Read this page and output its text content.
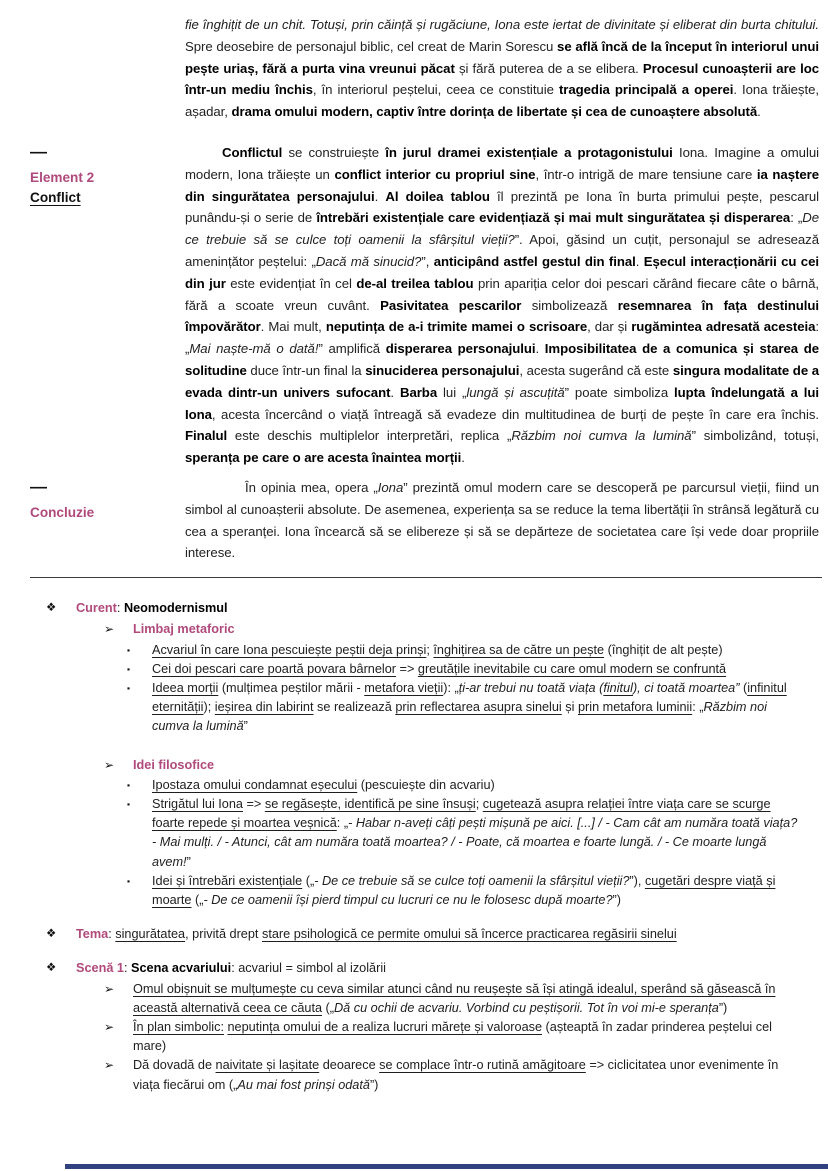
fie înghițit de un chit. Totuși, prin căință și rugăciune, Iona este iertat de divinitate și eliberat din burta chitului. Spre deosebire de personajul biblic, cel creat de Marin Sorescu se află încă de la început în interiorul unui pește uriaș, fără a purta vina vreunui păcat și fără puterea de a se elibera. Procesul cunoașterii are loc într-un mediu închis, în interiorul peștelui, ceea ce constituie tragedia principală a operei. Iona trăiește, așadar, drama omului modern, captiv între dorința de libertate și cea de cunoaștere absolută.
—
Element 2
Conflict
Conflictul se construiește în jurul dramei existențiale a protagonistului Iona. Imagine a omului modern, Iona trăiește un conflict interior cu propriul sine, într-o intrigă de mare tensiune care ia naștere din singurătatea personajului. Al doilea tablou îl prezintă pe Iona în burta primului pește, pescarul punându-și o serie de întrebări existențiale care evidențiază și mai mult singurătatea și disperarea: „De ce trebuie să se culce toți oamenii la sfârșitul vieții?”. Apoi, găsind un cuțit, personajul se adresează amenințător peștelui: „Dacă mă sinucid?”, anticipând astfel gestul din final. Eșecul interacționării cu cei din jur este evidențiat în cel de-al treilea tablou prin apariția celor doi pescari cărând fiecare câte o bârnă, fără a scoate vreun cuvânt. Pasivitatea pescarilor simbolizează resemnarea în fața destinului împovărător. Mai mult, neputința de a-i trimite mamei o scrisoare, dar și rugămintea adresată acesteia: „Mai naște-mă o dată!” amplifică disperarea personajului. Imposibilitatea de a comunica și starea de solitudine duce într-un final la sinuciderea personajului, acesta sugerând că este singura modalitate de a evada dintr-un univers sufocant. Barba lui „lungă și ascuțită” poate simboliza lupta îndelungată a lui Iona, acesta încercând o viață întreagă să evadeze din multitudinea de burți de pește în care era închis. Finalul este deschis multiplelor interpretări, replica „Răzbim noi cumva la lumină” simbolizând, totuși, speranța pe care o are acesta înaintea morții.
—
Concluzie
În opinia mea, opera „Iona” prezintă omul modern care se descoperă pe parcursul vieții, fiind un simbol al cunoașterii absolute. De asemenea, experiența sa se reduce la tema libertății în strânsă legătură cu cea a speranței. Iona încearcă să se elibereze și să se depărteze de societatea care își vede doar propriile interese.
❖	Curent: Neomodernismul
➢	Limbaj metaforic
▪	Acvariul în care Iona pescuiește peștii deja prinși; înghițirea sa de către un pește (înghițit de alt pește)
▪	Cei doi pescari care poartă povara bârnelor => greutățile inevitabile cu care omul modern se confruntă
▪	Ideea morții (mulțimea peștilor mării - metafora vieții): „ți-ar trebui nu toată viața (finitul), ci toată moartea” (infinitul eternității); ieșirea din labirint se realizează prin reflectarea asupra sinelui și prin metafora luminii: „Răzbim noi cumva la lumină”
➢	Idei filosofice
▪	Ipostaza omului condamnat eșecului (pescuiește din acvariu)
▪	Strigătul lui Iona => se regăsește, identifică pe sine însuși; cugetează asupra relației între viața care se scurge foarte repede și moartea veșnică: „- Habar n-aveți câți pești mișună pe aici. [...] / - Cam cât am număra toată viața? - Mai mulți. / - Atunci, cât am număra toată moartea? / - Poate, că moartea e foarte lungă. / - Ce moarte lungă avem!”
▪	Idei și întrebări existențiale („- De ce trebuie să se culce toți oamenii la sfârșitul vieții?”), cugetări despre viață și moarte („- De ce oamenii își pierd timpul cu lucruri ce nu le folosesc după moarte?”)
❖	Tema: singurătatea, privită drept stare psihologică ce permite omului să încerce practicarea regăsirii sinelui
❖	Scenă 1: Scena acvariului: acvariul = simbol al izolării
➢	Omul obișnuit se mulțumește cu ceva similar atunci când nu reușește să își atingă idealul, sperând să găsească în această alternativă ceea ce căuta („Dă cu ochii de acvariu. Vorbind cu peștișorii. Tot în voi mi-e speranța”)
➢	În plan simbolic: neputința omului de a realiza lucruri mărețe și valoroase (așteaptă în zadar prinderea peștelui cel mare)
➢	Dă dovadă de naivitate și lașitate deoarece se complace într-o rutină amăgitoare => ciclicitatea unor evenimente în viața fiecărui om („Au mai fost prinși odată”)
